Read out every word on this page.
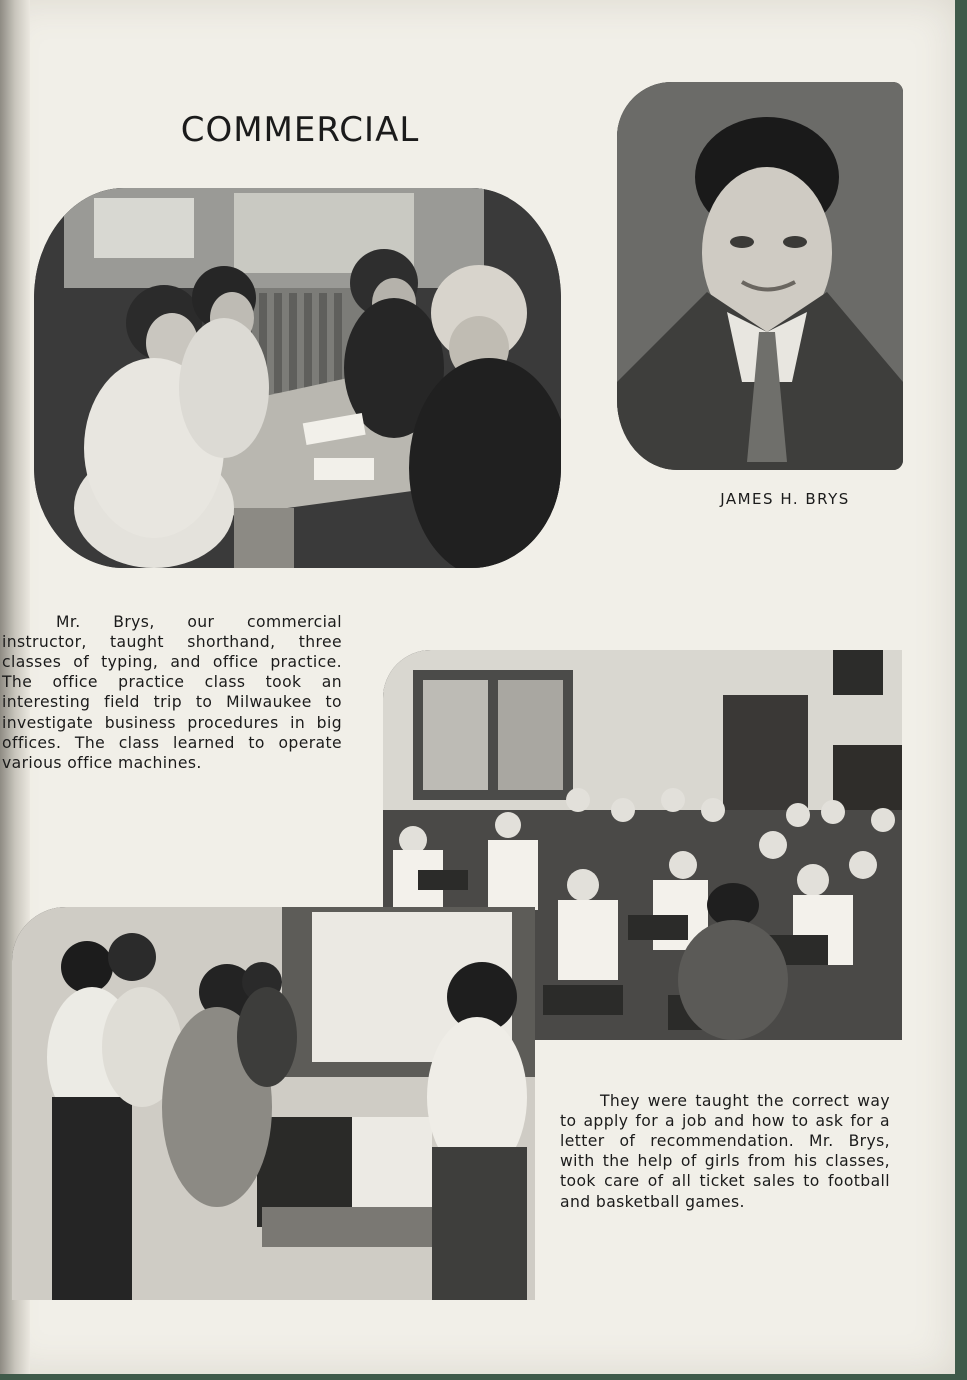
COMMERCIAL
JAMES H. BRYS

Mr. Brys, our commercial instructor, taught shorthand, three classes of typing, and office practice. The office practice class took an interesting field trip to Milwaukee to investigate business procedures in big offices. The class learned to operate various office machines.

They were taught the correct way to apply for a job and how to ask for a letter of recommendation. Mr. Brys, with the help of girls from his classes, took care of all ticket sales to football and basketball games.
